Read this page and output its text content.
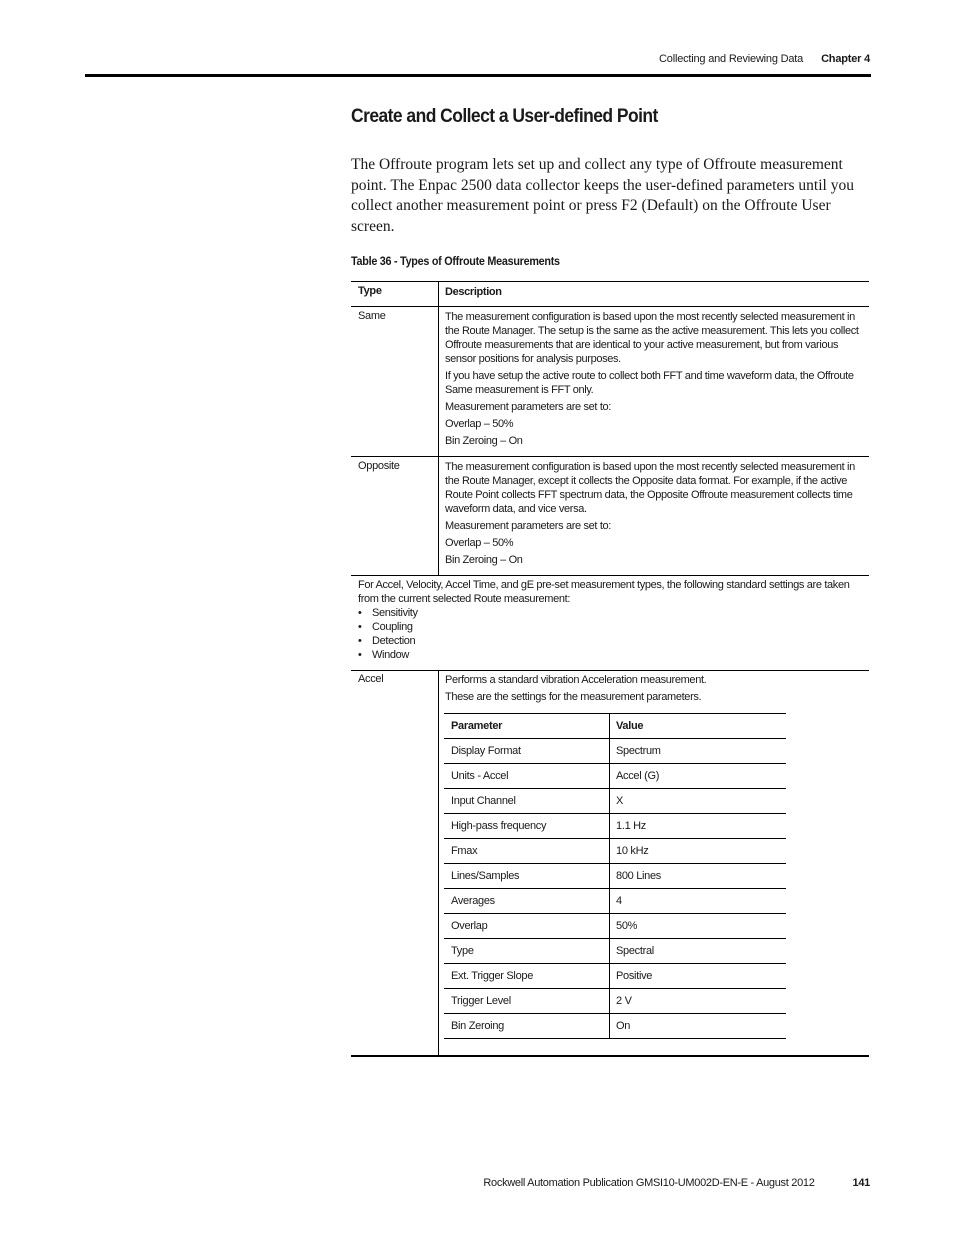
Collecting and Reviewing Data Chapter 4
Create and Collect a User-defined Point

The Offroute program lets set up and collect any type of Offroute measurement point. The Enpac 2500 data collector keeps the user-defined parameters until you collect another measurement point or press F2 (Default) on the Offroute User screen.

Table 36 - Types of Offroute Measurements

Type	Description
Same	The measurement configuration is based upon the most recently selected measurement in the Route Manager. The setup is the same as the active measurement. This lets you collect Offroute measurements that are identical to your active measurement, but from various sensor positions for analysis purposes.

If you have setup the active route to collect both FFT and time waveform data, the Offroute Same measurement is FFT only.

Measurement parameters are set to:

Overlap – 50%

Bin Zeroing – On

Opposite	The measurement configuration is based upon the most recently selected measurement in the Route Manager, except it collects the Opposite data format. For example, if the active Route Point collects FFT spectrum data, the Opposite Offroute measurement collects time waveform data, and vice versa.

Measurement parameters are set to:

Overlap – 50%

Bin Zeroing – On

For Accel, Velocity, Accel Time, and gE pre-set measurement types, the following standard settings are taken from the current selected Route measurement:
• Sensitivity
• Coupling
• Detection
• Window
Accel	Performs a standard vibration Acceleration measurement.

These are the settings for the measurement parameters.

Parameter	Value
Display Format	Spectrum
Units - Accel	Accel (G)
Input Channel	X
High-pass frequency	1.1 Hz
Fmax	10 kHz
Lines/Samples	800 Lines
Averages	4
Overlap	50%
Type	Spectral
Ext. Trigger Slope	Positive
Trigger Level	2 V
Bin Zeroing	On
Rockwell Automation Publication GMSI10-UM002D-EN-E - August 2012	141
